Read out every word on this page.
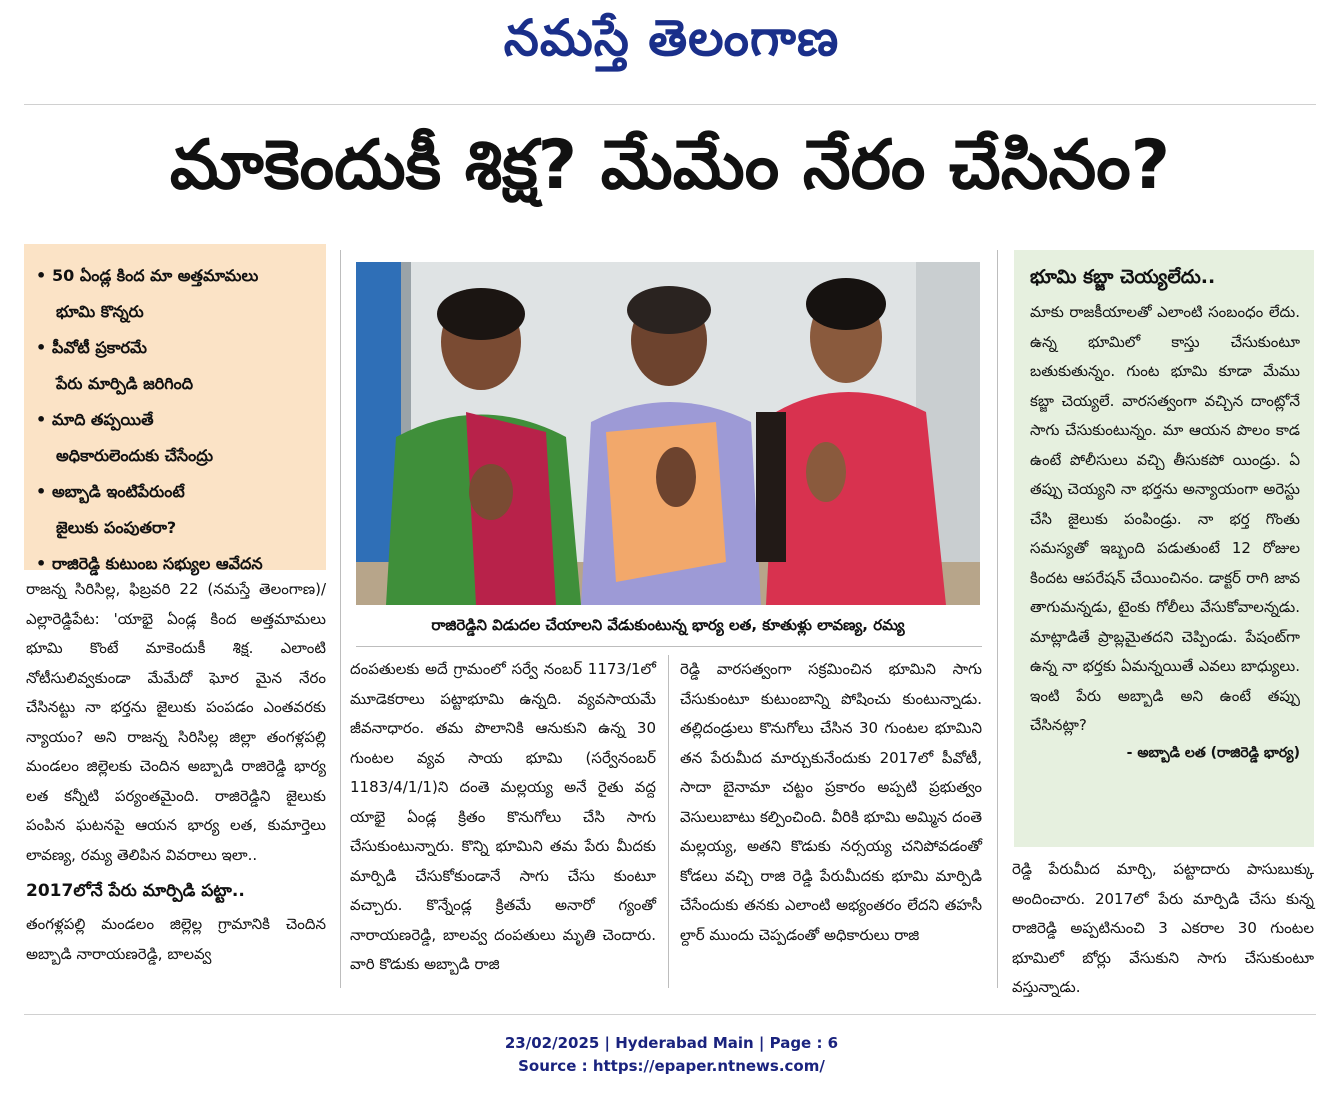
నమస్తే తెలంగాణ
మాకెందుకీ శిక్ష? మేమేం నేరం చేసినం?
• 50 ఏండ్ల కింద మా అత్తమామలు
భూమి కొన్నరు
• పీవోటీ ప్రకారమే
పేరు మార్పిడి జరిగింది
• మాది తప్పయితే
అధికారులెందుకు చేసేంద్రు
• అబ్బాడి ఇంటిపేరుంటే
జైలుకు పంపుతరా?
• రాజిరెడ్డి కుటుంబ సభ్యుల ఆవేదన

రాజన్న సిరిసిల్ల, ఫిబ్రవరి 22 (నమస్తే తెలంగాణ)/ఎల్లారెడ్డిపేట: 'యాభై ఏండ్ల కింద అత్తమామలు భూమి కొంటే మాకెందుకీ శిక్ష. ఎలాంటి నోటీసులివ్వకుండా మేమేదో ఘోర మైన నేరం చేసినట్టు నా భర్తను జైలుకు పంపడం ఎంతవరకు న్యాయం? అని రాజన్న సిరిసిల్ల జిల్లా తంగళ్లపల్లి మండలం జిల్లెలకు చెందిన అబ్బాడి రాజిరెడ్డి భార్య లత కన్నీటి పర్యంతమైంది. రాజిరెడ్డిని జైలుకు పంపిన ఘటనపై ఆయన భార్య లత, కుమార్తెలు లావణ్య, రమ్య తెలిపిన వివరాలు ఇలా..

2017లోనే పేరు మార్పిడి పట్టా..

తంగళ్లపల్లి మండలం జిల్లెల్ల గ్రామానికి చెందిన అబ్బాడి నారాయణరెడ్డి, బాలవ్వ

రాజిరెడ్డిని విడుదల చేయాలని వేడుకుంటున్న భార్య లత, కూతుళ్లు లావణ్య, రమ్య

దంపతులకు అదే గ్రామంలో సర్వే నంబర్ 1173/1లో మూడెకరాలు పట్టాభూమి ఉన్నది. వ్యవసాయమే జీవనాధారం. తమ పొలానికి ఆనుకుని ఉన్న 30 గుంటల వ్యవ సాయ భూమి (సర్వేనంబర్ 1183/4/1/1)ని దంతె మల్లయ్య అనే రైతు వద్ద యాభై ఏండ్ల క్రితం కొనుగోలు చేసి సాగు చేసుకుంటున్నారు. కొన్ని భూమిని తమ పేరు మీదకు మార్పిడి చేసుకోకుండానే సాగు చేసు కుంటూ వచ్చారు. కొన్నేండ్ల క్రితమే అనారో గ్యంతో నారాయణరెడ్డి, బాలవ్వ దంపతులు మృతి చెందారు. వారి కొడుకు అబ్బాడి రాజి

రెడ్డి వారసత్వంగా సక్రమించిన భూమిని సాగు చేసుకుంటూ కుటుంబాన్ని పోషించు కుంటున్నాడు. తల్లిదండ్రులు కొనుగోలు చేసిన 30 గుంటల భూమిని తన పేరుమీద మార్చుకునేందుకు 2017లో పీవోటీ, సాదా బైనామా చట్టం ప్రకారం అప్పటి ప్రభుత్వం వెసులుబాటు కల్పించింది. వీరికి భూమి అమ్మిన దంతె మల్లయ్య, అతని కొడుకు నర్సయ్య చనిపోవడంతో కోడలు వచ్చి రాజి రెడ్డి పేరుమీదకు భూమి మార్పిడి చేసేందుకు తనకు ఎలాంటి అభ్యంతరం లేదని తహసీ ల్దార్ ముందు చెప్పడంతో అధికారులు రాజి

భూమి కబ్జా చెయ్యలేదు..
మాకు రాజకీయాలతో ఎలాంటి సంబంధం లేదు. ఉన్న భూమిలో కాస్తు చేసుకుంటూ బతుకుతున్నం. గుంట భూమి కూడా మేము కబ్జా చెయ్యలే. వారసత్వంగా వచ్చిన దాంట్లోనే సాగు చేసుకుంటున్నం. మా ఆయన పొలం కాడ ఉంటే పోలీసులు వచ్చి తీసుకపో యిండ్రు. ఏ తప్పు చెయ్యని నా భర్తను అన్యాయంగా అరెస్టు చేసి జైలుకు పంపిండ్రు. నా భర్త గొంతు సమస్యతో ఇబ్బంది పడుతుంటే 12 రోజుల కిందట ఆపరేషన్ చేయించినం. డాక్టర్ రాగి జావ తాగుమన్నడు, టైంకు గోలీలు వేసుకోవాలన్నడు. మాట్లాడితే ప్రాబ్లమైతదని చెప్పిండు. పేషంట్‌గా ఉన్న నా భర్తకు ఏమన్నయితే ఎవలు బాధ్యులు. ఇంటి పేరు అబ్బాడి అని ఉంటే తప్పు చేసినట్లా?
- అబ్బాడి లత (రాజిరెడ్డి భార్య)

రెడ్డి పేరుమీద మార్చి, పట్టాదారు పాసుబుక్కు అందించారు. 2017లో పేరు మార్పిడి చేసు కున్న రాజిరెడ్డి అప్పటినుంచి 3 ఎకరాల 30 గుంటల భూమిలో బోర్లు వేసుకుని సాగు చేసుకుంటూ వస్తున్నాడు.

23/02/2025 | Hyderabad Main | Page : 6
Source : https://epaper.ntnews.com/
